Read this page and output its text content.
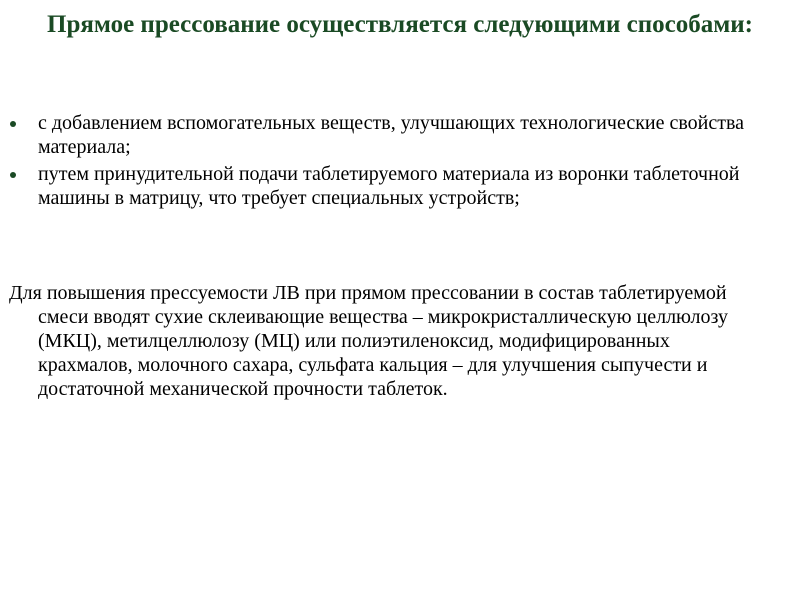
Прямое прессование осуществляется следующими способами:
с добавлением вспомогательных веществ, улучшающих технологические свойства материала;
путем принудительной подачи таблетируемого материала из воронки таблеточной машины в матрицу, что требует специальных устройств;
Для повышения прессуемости ЛВ при прямом прессовании в состав таблетируемой смеси вводят сухие склеивающие вещества – микрокристаллическую целлюлозу (МКЦ), метилцеллюлозу (МЦ) или полиэтиленоксид, модифицированных крахмалов, молочного сахара, сульфата кальция – для улучшения сыпучести и достаточной механической прочности таблеток.
